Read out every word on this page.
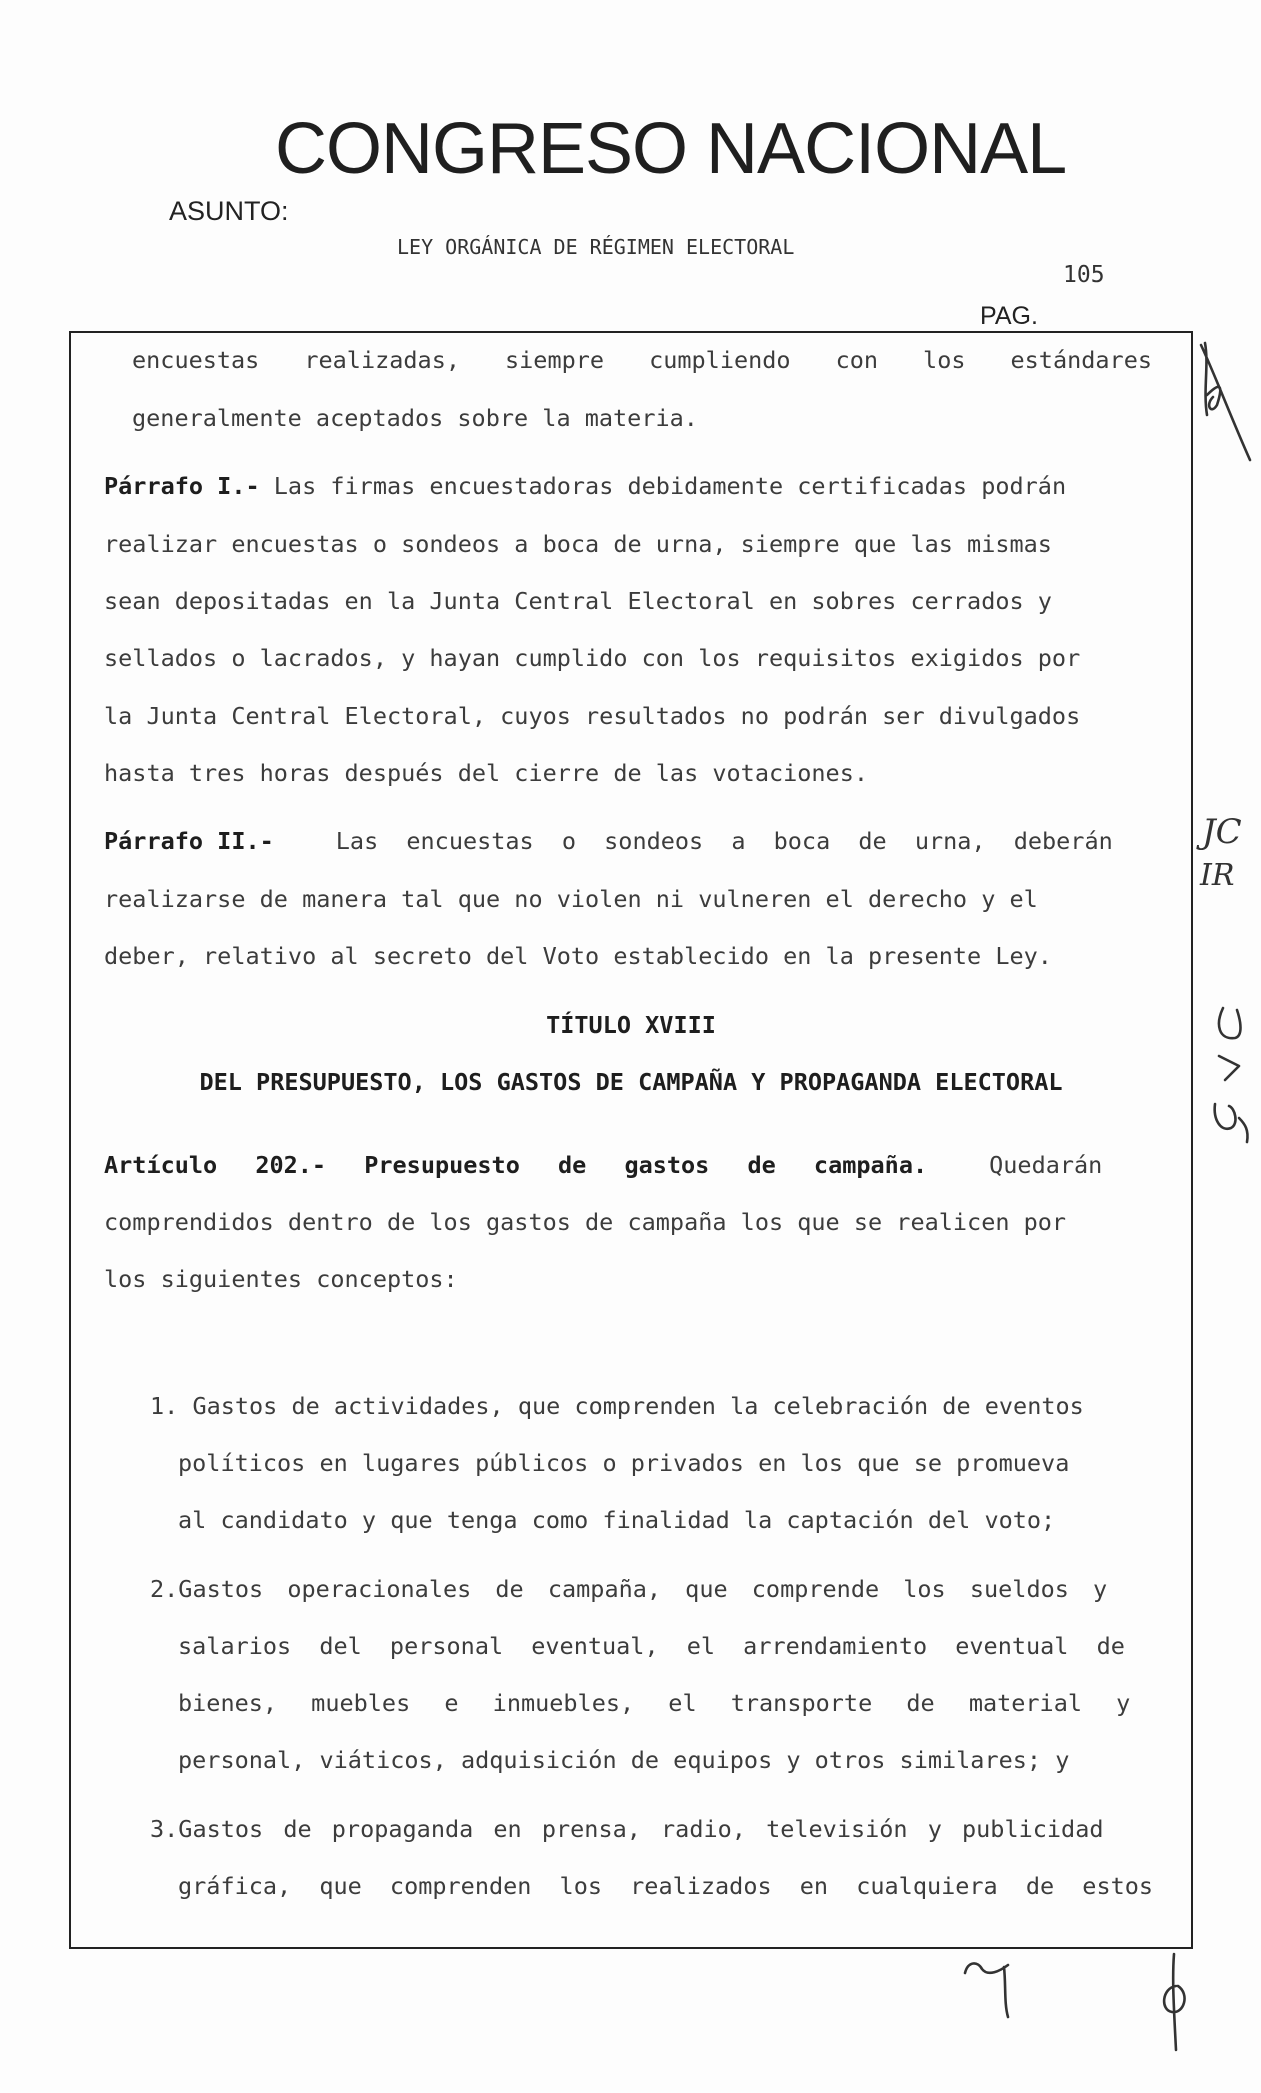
CONGRESO NACIONAL
ASUNTO:
LEY ORGÁNICA DE RÉGIMEN ELECTORAL
105
PAG.
encuestas realizadas, siempre cumpliendo con los estándares
generalmente aceptados sobre la materia.
Párrafo I.- Las firmas encuestadoras debidamente certificadas podrán
realizar encuestas o sondeos a boca de urna, siempre que las mismas
sean depositadas en la Junta Central Electoral en sobres cerrados y
sellados o lacrados, y hayan cumplido con los requisitos exigidos por
la Junta Central Electoral, cuyos resultados no podrán ser divulgados
hasta tres horas después del cierre de las votaciones.
Párrafo II.-	Las encuestas o sondeos a boca de urna, deberán
realizarse de manera tal que no violen ni vulneren el derecho y el
deber, relativo al secreto del Voto establecido en la presente Ley.
TÍTULO XVIII
DEL PRESUPUESTO, LOS GASTOS DE CAMPAÑA Y PROPAGANDA ELECTORAL
Artículo 202.- Presupuesto de gastos de campaña.	Quedarán
comprendidos dentro de los gastos de campaña los que se realicen por
los siguientes conceptos:
1. Gastos de actividades, que comprenden la celebración de eventos
políticos en lugares públicos o privados en los que se promueva
al candidato y que tenga como finalidad la captación del voto;
2.Gastos operacionales de campaña, que comprende los sueldos y
salarios del personal eventual, el arrendamiento eventual de
bienes, muebles e inmuebles, el transporte de material y
personal, viáticos, adquisición de equipos y otros similares; y
3.Gastos de propaganda en prensa, radio, televisión y publicidad
gráfica, que comprenden los realizados en cualquiera de estos
JC
IR
